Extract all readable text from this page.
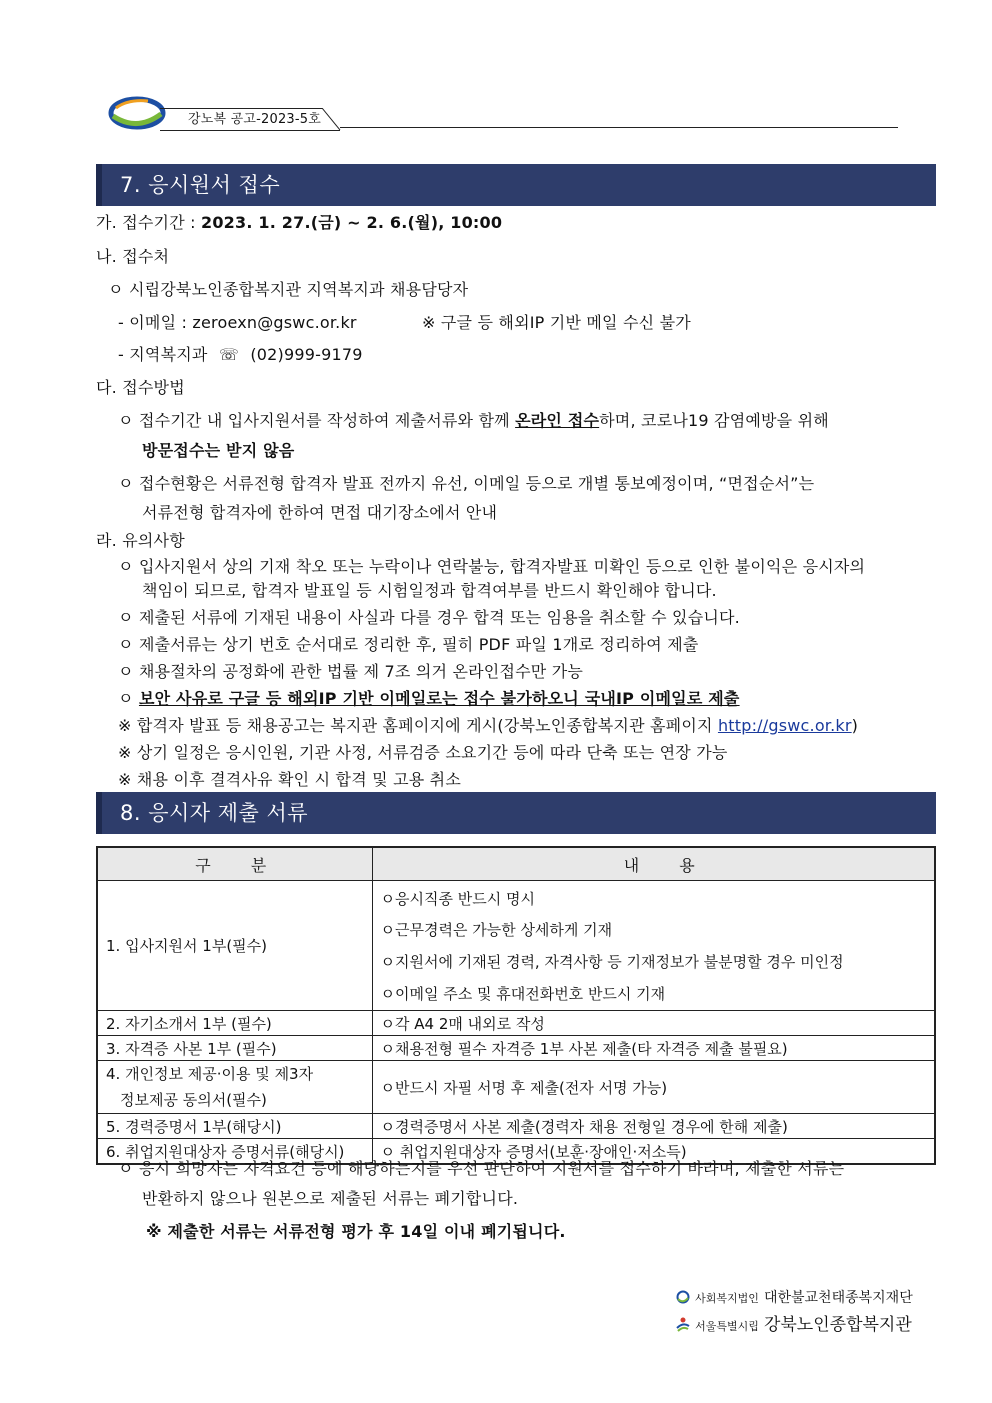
강노복 공고-2023-5호
7. 응시원서 접수
가. 접수기간 : 2023. 1. 27.(금) ~ 2. 6.(월), 10:00
나. 접수처
ㅇ 시립강북노인종합복지관 지역복지과 채용담당자
- 이메일 : zeroexn@gswc.or.kr	※ 구글 등 해외IP 기반 메일 수신 불가
- 지역복지과 ☏ (02)999-9179
다. 접수방법
ㅇ 접수기간 내 입사지원서를 작성하여 제출서류와 함께 온라인 접수하며, 코로나19 감염예방을 위해
방문접수는 받지 않음
ㅇ 접수현황은 서류전형 합격자 발표 전까지 유선, 이메일 등으로 개별 통보예정이며, “면접순서”는
서류전형 합격자에 한하여 면접 대기장소에서 안내
라. 유의사항
ㅇ 입사지원서 상의 기재 착오 또는 누락이나 연락불능, 합격자발표 미확인 등으로 인한 불이익은 응시자의
책임이 되므로, 합격자 발표일 등 시험일정과 합격여부를 반드시 확인해야 합니다.
ㅇ 제출된 서류에 기재된 내용이 사실과 다를 경우 합격 또는 임용을 취소할 수 있습니다.
ㅇ 제출서류는 상기 번호 순서대로 정리한 후, 필히 PDF 파일 1개로 정리하여 제출
ㅇ 채용절차의 공정화에 관한 법률 제 7조 의거 온라인접수만 가능
ㅇ 보안 사유로 구글 등 해외IP 기반 이메일로는 접수 불가하오니 국내IP 이메일로 제출
※ 합격자 발표 등 채용공고는 복지관 홈페이지에 게시(강북노인종합복지관 홈페이지 http://gswc.or.kr)
※ 상기 일정은 응시인원, 기관 사정, 서류검증 소요기간 등에 따라 단축 또는 연장 가능
※ 채용 이후 결격사유 확인 시 합격 및 고용 취소
8. 응시자 제출 서류
구분	내용
1. 입사지원서 1부(필수)	ㅇ응시직종 반드시 명시
ㅇ근무경력은 가능한 상세하게 기재
ㅇ지원서에 기재된 경력, 자격사항 등 기재정보가 불분명할 경우 미인정
ㅇ이메일 주소 및 휴대전화번호 반드시 기재

2. 자기소개서 1부 (필수)	ㅇ각 A4 2매 내외로 작성
3. 자격증 사본 1부 (필수)	ㅇ채용전형 필수 자격증 1부 사본 제출(타 자격증 제출 불필요)

4. 개인정보 제공·이용 및 제3자
정보제공 동의서(필수)	ㅇ반드시 자필 서명 후 제출(전자 서명 가능)
5. 경력증명서 1부(해당시)	ㅇ경력증명서 사본 제출(경력자 채용 전형일 경우에 한해 제출)
6. 취업지원대상자 증명서류(해당시)	ㅇ 취업지원대상자 증명서(보훈·장애인·저소득)
ㅇ 응시 희망자는 자격요건 등에 해당하는지를 우선 판단하여 지원서를 접수하기 바라며, 제출한 서류는
반환하지 않으나 원본으로 제출된 서류는 폐기합니다.
※ 제출한 서류는 서류전형 평가 후 14일 이내 폐기됩니다.
사회복지법인 대한불교천태종복지재단
서울특별시립 강북노인종합복지관
